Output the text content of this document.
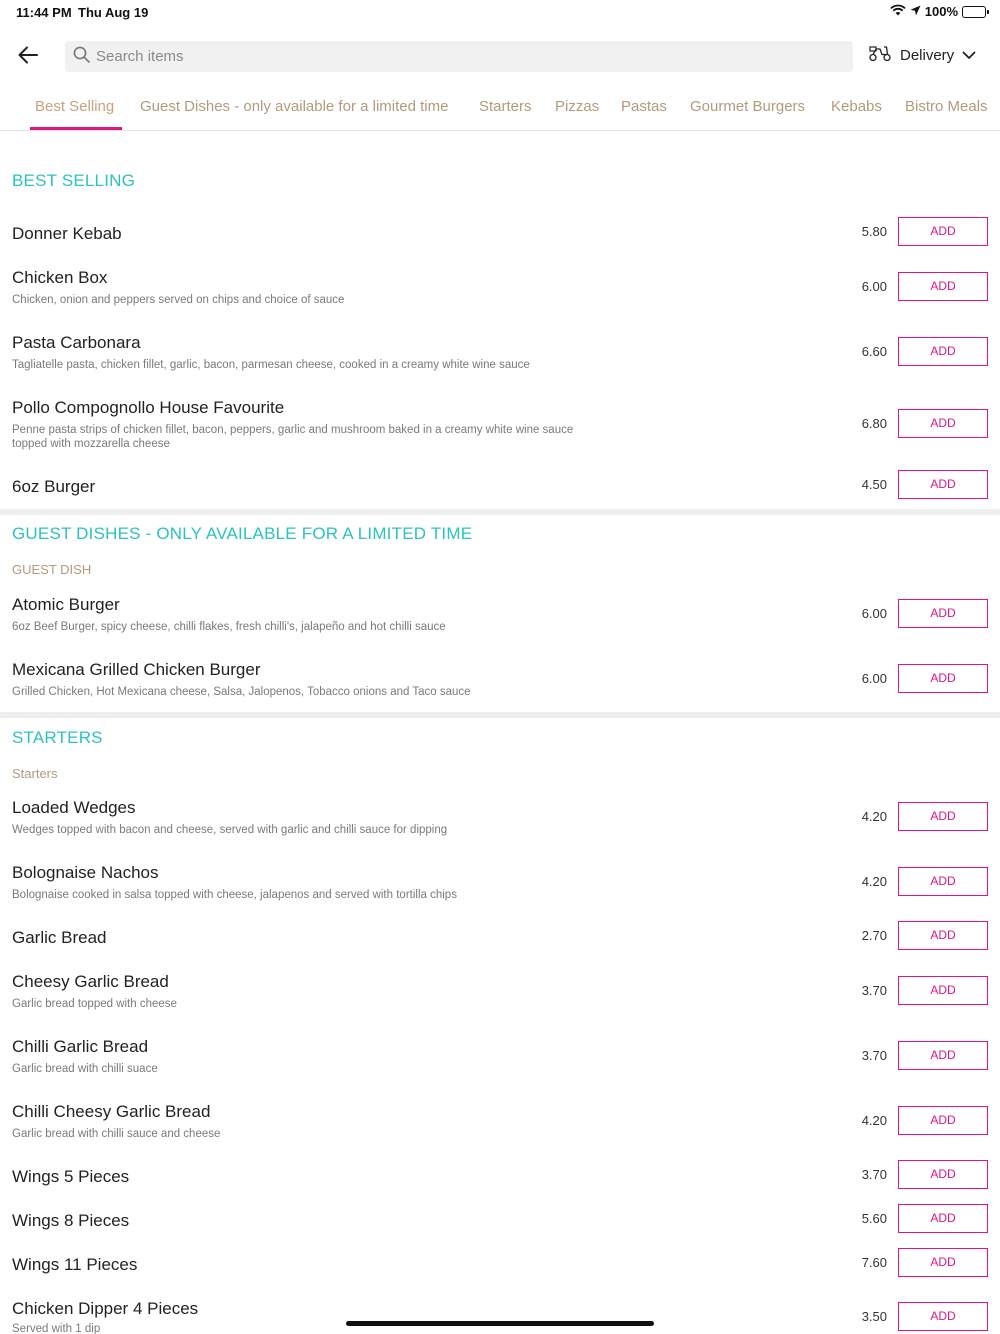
11:44 PM Thu Aug 19	100%
Search items
Delivery
Best Selling Guest Dishes - only available for a limited time Starters Pizzas Pastas Gourmet Burgers Kebabs Bistro Meals
BEST SELLING
Donner Kebab	5.80	ADD
Chicken Box
Chicken, onion and peppers served on chips and choice of sauce
6.00	ADD
Pasta Carbonara
Tagliatelle pasta, chicken fillet, garlic, bacon, parmesan cheese, cooked in a creamy white wine sauce
6.60	ADD
Pollo Compognollo House Favourite
Penne pasta strips of chicken fillet, bacon, peppers, garlic and mushroom baked in a creamy white wine sauce topped with mozzarella cheese
6.80	ADD
6oz Burger	4.50	ADD
GUEST DISHES - ONLY AVAILABLE FOR A LIMITED TIME
GUEST DISH
Atomic Burger
6oz Beef Burger, spicy cheese, chilli flakes, fresh chilli's, jalapeño and hot chilli sauce
6.00	ADD
Mexicana Grilled Chicken Burger
Grilled Chicken, Hot Mexicana cheese, Salsa, Jalopenos, Tobacco onions and Taco sauce
6.00	ADD
STARTERS
Starters
Loaded Wedges
Wedges topped with bacon and cheese, served with garlic and chilli sauce for dipping
4.20	ADD
Bolognaise Nachos
Bolognaise cooked in salsa topped with cheese, jalapenos and served with tortilla chips
4.20	ADD
Garlic Bread	2.70	ADD
Cheesy Garlic Bread
Garlic bread topped with cheese
3.70	ADD
Chilli Garlic Bread
Garlic bread with chilli suace
3.70	ADD
Chilli Cheesy Garlic Bread
Garlic bread with chilli sauce and cheese
4.20	ADD
Wings 5 Pieces	3.70	ADD
Wings 8 Pieces	5.60	ADD
Wings 11 Pieces	7.60	ADD
Chicken Dipper 4 Pieces
Served with 1 dip
3.50	ADD
